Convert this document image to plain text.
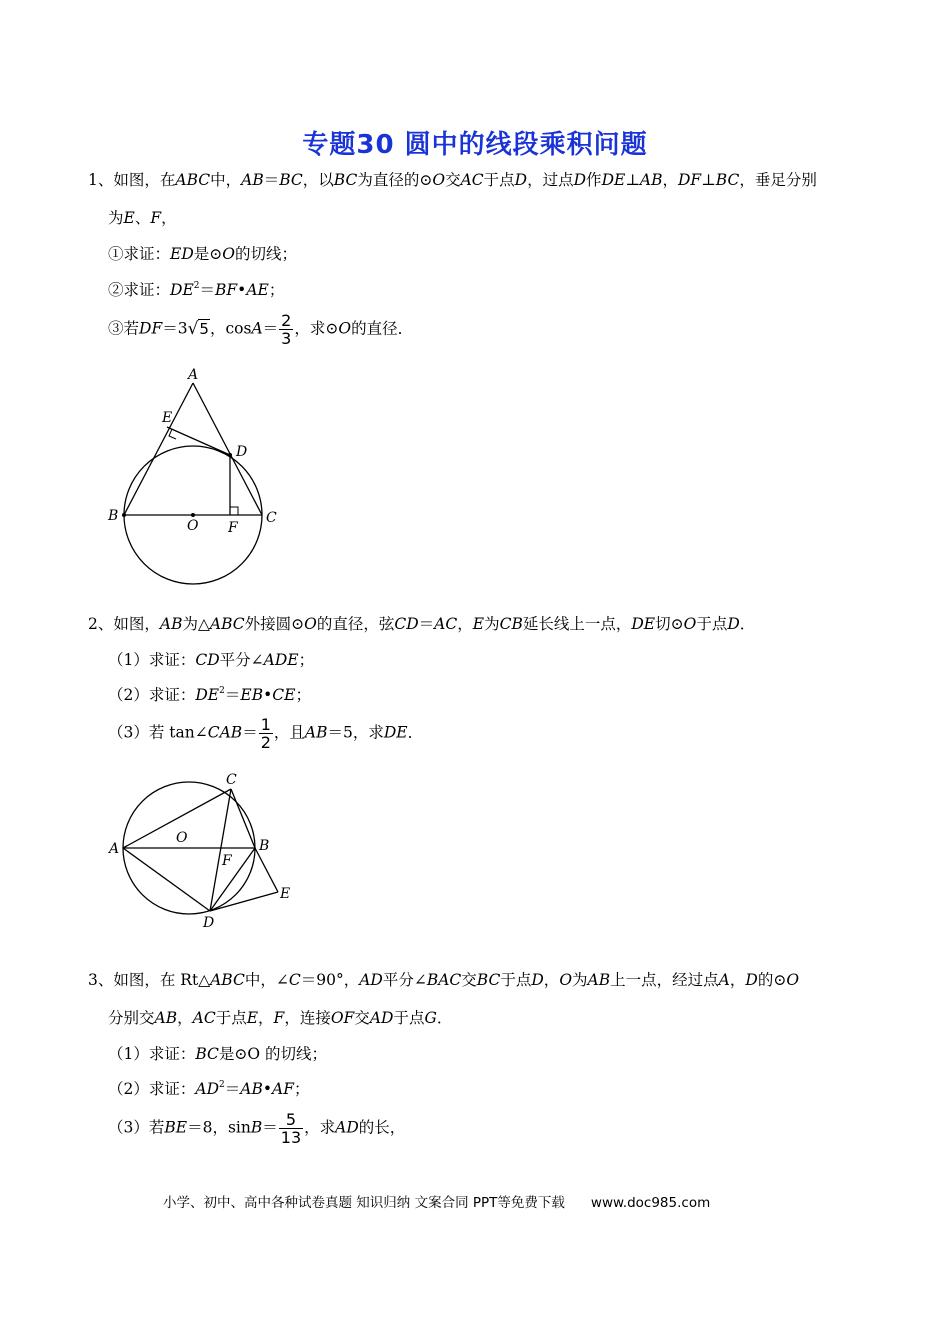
专题30 圆中的线段乘积问题
1、如图，在ABC中，AB＝BC，以BC为直径的⊙O交AC于点D，过点D作DE⊥AB，DF⊥BC，垂足分别
为E、F，
①求证：ED是⊙O的切线；
②求证：$DE^2=BF•AE$；
③若DF＝3√5，$\cos A= \frac{2}{3}$ ，求⊙O的直径．
A
E
D
B
O F
C
2、如图，AB为△ABC外接圆⊙O的直径，弦CD＝AC，E为CB延长线上一点，DE切⊙O于点D．
（1）求证：CD平分∠ADE；
（2）求证：$DE^2=EB•CE$；
（3）若 tan∠CAB＝ $\frac{1}{2}$ ，且AB＝5，求DE．
C
O
A	B
F
E
D
3、如图，在 Rt△ABC中，∠C＝90°，AD平分∠BAC交BC于点D，O为AB上一点，经过点A，D的⊙O
分别交AB，AC于点E，F，连接OF交AD于点G．
（1）求证：BC是⊙O 的切线；
（2）求证：$AD^2=AB•AF$；
（3）若BE＝8，$\sin B= \frac{5}{13}$ ，求AD的长，
小学、初中、高中各种试卷真题 知识归纳 文案合同 PPT等免费下载 www.doc985.com
